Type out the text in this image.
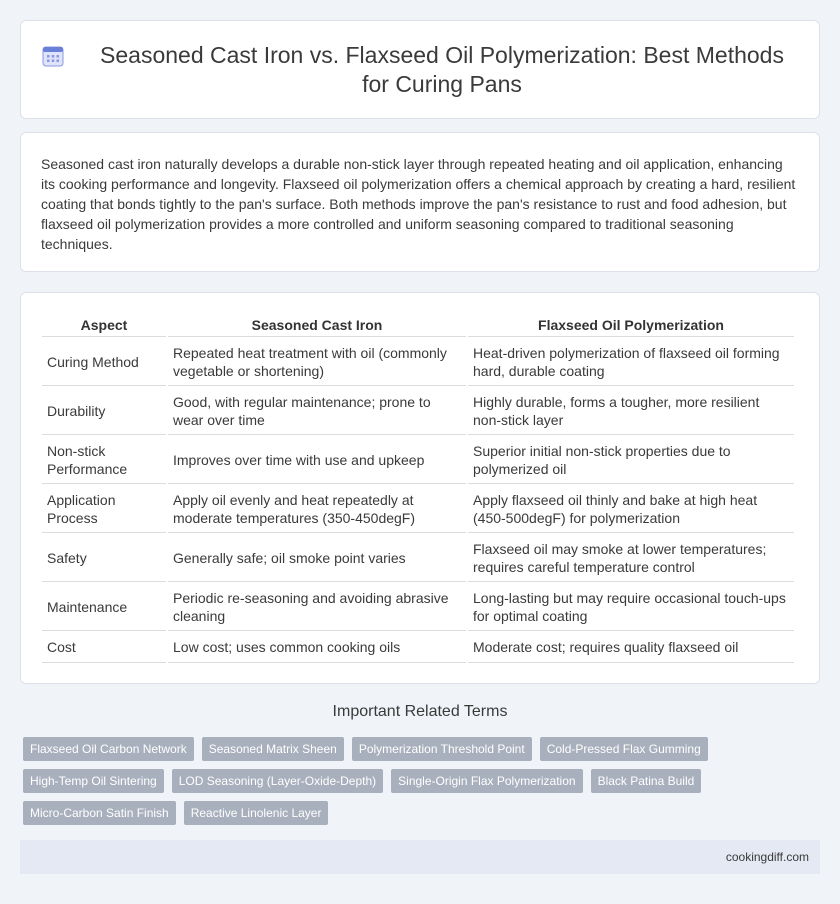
Seasoned Cast Iron vs. Flaxseed Oil Polymerization: Best Methods for Curing Pans

Seasoned cast iron naturally develops a durable non-stick layer through repeated heating and oil application, enhancing its cooking performance and longevity. Flaxseed oil polymerization offers a chemical approach by creating a hard, resilient coating that bonds tightly to the pan's surface. Both methods improve the pan's resistance to rust and food adhesion, but flaxseed oil polymerization provides a more controlled and uniform seasoning compared to traditional seasoning techniques.

Aspect	Seasoned Cast Iron	Flaxseed Oil Polymerization
Curing Method	Repeated heat treatment with oil (commonly vegetable or shortening)	Heat-driven polymerization of flaxseed oil forming hard, durable coating
Durability	Good, with regular maintenance; prone to wear over time	Highly durable, forms a tougher, more resilient non-stick layer
Non-stick Performance	Improves over time with use and upkeep	Superior initial non-stick properties due to polymerized oil
Application Process	Apply oil evenly and heat repeatedly at moderate temperatures (350-450degF)	Apply flaxseed oil thinly and bake at high heat (450-500degF) for polymerization
Safety	Generally safe; oil smoke point varies	Flaxseed oil may smoke at lower temperatures; requires careful temperature control
Maintenance	Periodic re-seasoning and avoiding abrasive cleaning	Long-lasting but may require occasional touch-ups for optimal coating
Cost	Low cost; uses common cooking oils	Moderate cost; requires quality flaxseed oil
Important Related Terms
Flaxseed Oil Carbon Network	Seasoned Matrix Sheen	Polymerization Threshold Point	Cold-Pressed Flax Gumming
High-Temp Oil Sintering	LOD Seasoning (Layer-Oxide-Depth)	Single-Origin Flax Polymerization	Black Patina Build
Micro-Carbon Satin Finish	Reactive Linolenic Layer
cookingdiff.com
